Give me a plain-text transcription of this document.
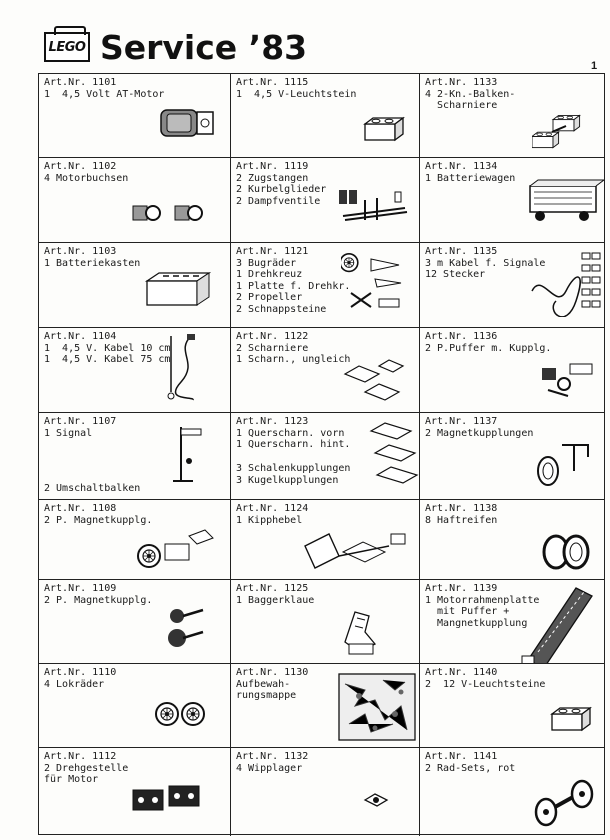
LEGO Service ’83	1
Art.Nr. 1101
1  4,5 Volt AT-Motor
Art.Nr. 1115
1  4,5 V-Leuchtstein
Art.Nr. 1133
4 2-Kn.-Balken-
Scharniere
Art.Nr. 1102
4 Motorbuchsen
Art.Nr. 1119
2 Zugstangen
2 Kurbelglieder
2 Dampfventile
Art.Nr. 1134
1 Batteriewagen
Art.Nr. 1103
1 Batteriekasten
Art.Nr. 1121
3 Bugräder
1 Drehkreuz
1 Platte f. Drehkr.
2 Propeller
2 Schnappsteine
Art.Nr. 1135
3 m Kabel f. Signale
12 Stecker
Art.Nr. 1104
1  4,5 V. Kabel 10 cm
1  4,5 V. Kabel 75 cm
Art.Nr. 1122
2 Scharniere
1 Scharn., ungleich
Art.Nr. 1136
2 P.Puffer m. Kupplg.
Art.Nr. 1107
1 Signal
2 Umschaltbalken
Art.Nr. 1123
1 Querscharn. vorn
1 Querscharn. hint.
3 Schalenkupplungen
3 Kugelkupplungen
Art.Nr. 1137
2 Magnetkupplungen
Art.Nr. 1108
2 P. Magnetkupplg.
Art.Nr. 1124
1 Kipphebel
Art.Nr. 1138
8 Haftreifen
Art.Nr. 1109
2 P. Magnetkupplg.
Art.Nr. 1125
1 Baggerklaue
Art.Nr. 1139
1 Motorrahmenplatte
mit Puffer +
Mangnetkupplung
Art.Nr. 1110
4 Lokräder
Art.Nr. 1130
Aufbewah-
rungsmappe
Art.Nr. 1140
2  12 V-Leuchtsteine
Art.Nr. 1112
2 Drehgestelle
für Motor
Art.Nr. 1132
4 Wipplager
Art.Nr. 1141
2 Rad-Sets, rot
